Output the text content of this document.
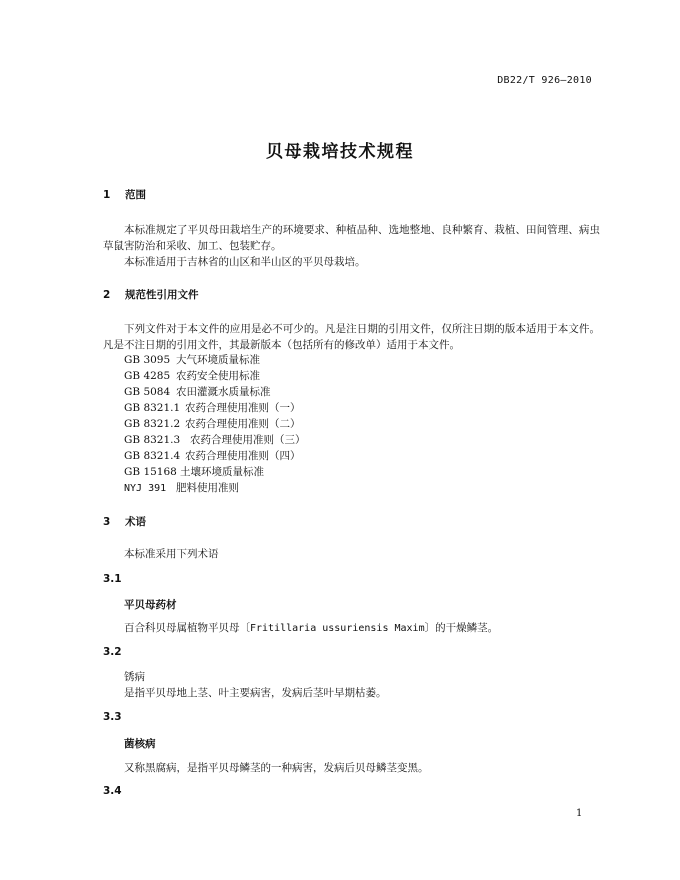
DB22/T 926—2010
贝母栽培技术规程
1 范围
本标准规定了平贝母田栽培生产的环境要求、种植品种、选地整地、良种繁育、栽植、田间管理、病虫草鼠害防治和采收、加工、包装贮存。
本标准适用于吉林省的山区和半山区的平贝母栽培。
2 规范性引用文件
下列文件对于本文件的应用是必不可少的。凡是注日期的引用文件，仅所注日期的版本适用于本文件。凡是不注日期的引用文件，其最新版本（包括所有的修改单）适用于本文件。
GB 3095 大气环境质量标准
GB 4285 农药安全使用标准
GB 5084 农田灌溉水质量标准
GB 8321.1 农药合理使用准则（一）
GB 8321.2 农药合理使用准则（二）
GB 8321.3 农药合理使用准则（三）
GB 8321.4 农药合理使用准则（四）
GB 15168 土壤环境质量标准
NYJ 391 肥料使用准则
3 术语
本标准采用下列术语
3.1
平贝母药材
百合科贝母属植物平贝母〔Fritillaria ussuriensis Maxim〕的干燥鳞茎。
3.2
锈病
是指平贝母地上茎、叶主要病害，发病后茎叶早期枯萎。
3.3
菌核病
又称黑腐病，是指平贝母鳞茎的一种病害，发病后贝母鳞茎变黑。
3.4
1
